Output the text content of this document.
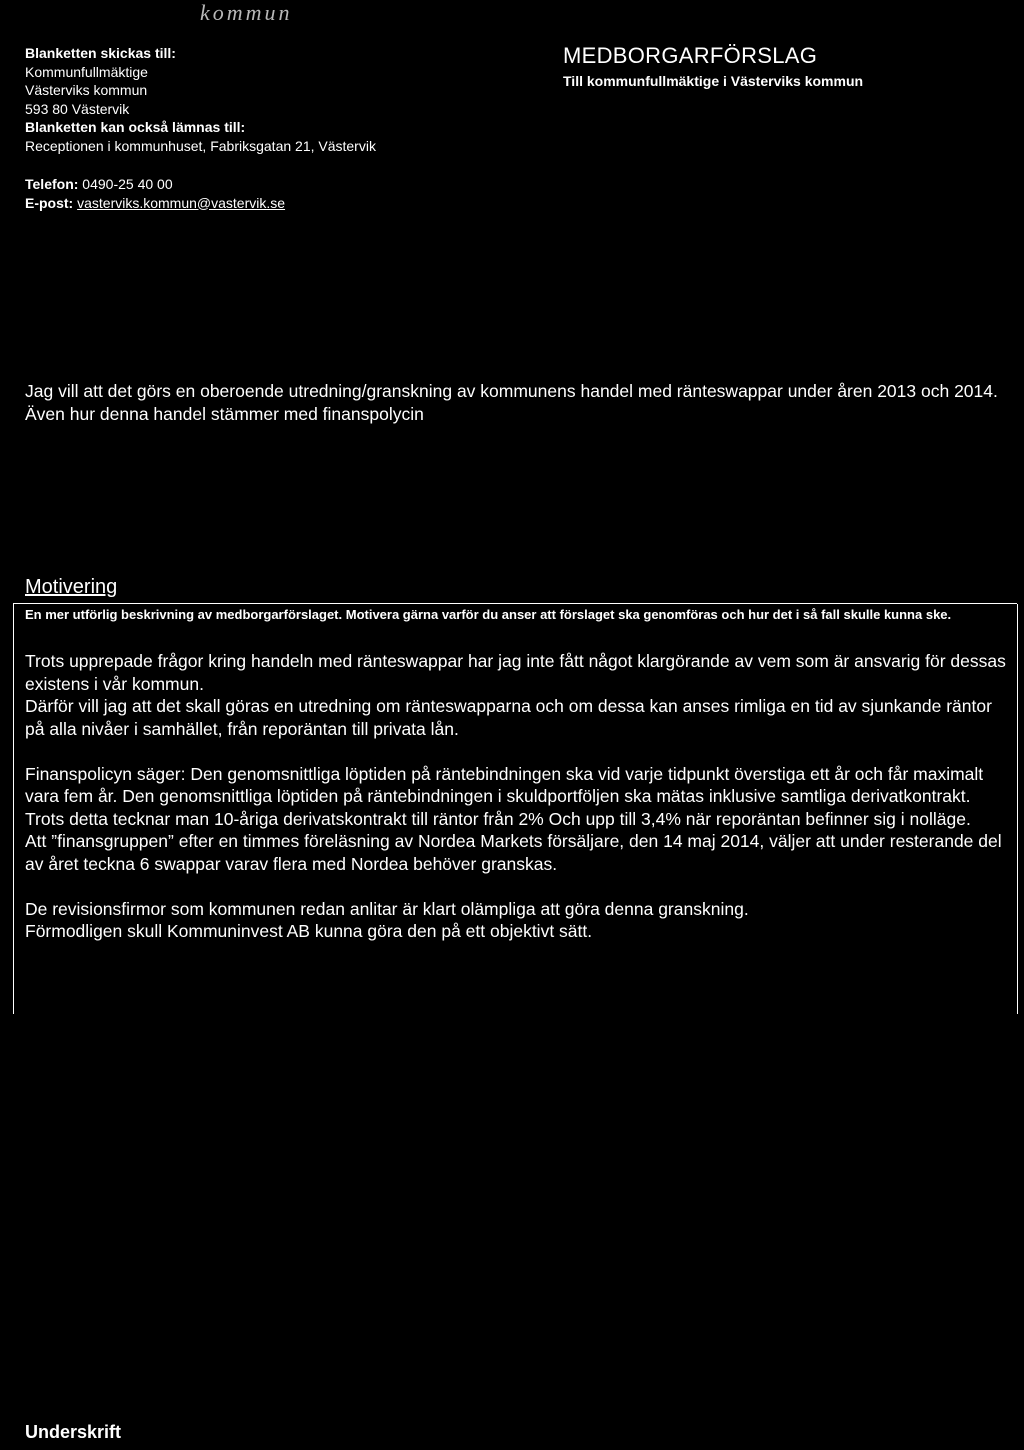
kommun
Blanketten skickas till:
Kommunfullmäktige
Västerviks kommun
593 80 Västervik
Blanketten kan också lämnas till:
Receptionen i kommunhuset, Fabriksgatan 21, Västervik
Telefon: 0490-25 40 00
E-post: vasterviks.kommun@vastervik.se
MEDBORGARFÖRSLAG
Till kommunfullmäktige i Västerviks kommun
Jag vill att det görs en oberoende utredning/granskning av kommunens handel med ränteswappar under åren 2013 och 2014. Även hur denna handel stämmer med finanspolycin
Motivering
En mer utförlig beskrivning av medborgarförslaget. Motivera gärna varför du anser att förslaget ska genomföras och hur det i så fall skulle kunna ske.

Trots upprepade frågor kring handeln med ränteswappar har jag inte fått något klargörande av vem som är ansvarig för dessas existens i vår kommun.

Därför vill jag att det skall göras en utredning om ränteswapparna och om dessa kan anses rimliga en tid av sjunkande räntor på alla nivåer i samhället, från reporäntan till privata lån.

Finanspolicyn säger: Den genomsnittliga löptiden på räntebindningen ska vid varje tidpunkt överstiga ett år och får maximalt vara fem år. Den genomsnittliga löptiden på räntebindningen i skuldportföljen ska mätas inklusive samtliga derivatkontrakt.

Trots detta tecknar man 10-åriga derivatskontrakt till räntor från 2% Och upp till 3,4% när reporäntan befinner sig i nolläge.

Att ”finansgruppen” efter en timmes föreläsning av Nordea Markets försäljare, den 14 maj 2014, väljer att under resterande del av året teckna 6 swappar varav flera med Nordea behöver granskas.

De revisionsfirmor som kommunen redan anlitar är klart olämpliga att göra denna granskning.

Förmodligen skull Kommuninvest AB kunna göra den på ett objektivt sätt.

Underskrift
